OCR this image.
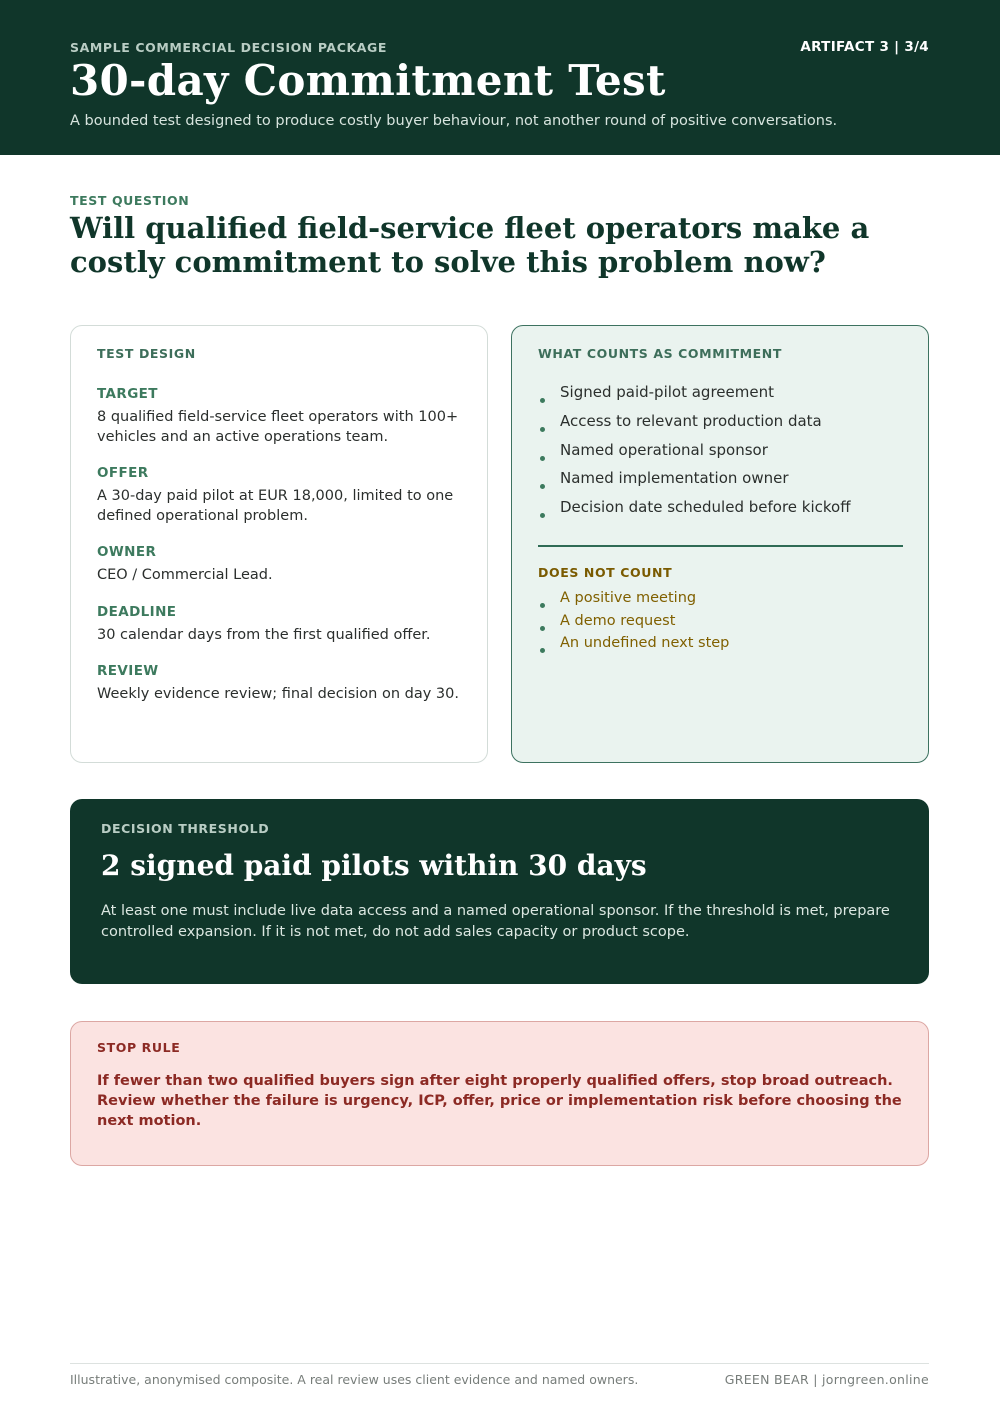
SAMPLE COMMERCIAL DECISION PACKAGE	ARTIFACT 3 | 3/4
30-day Commitment Test
A bounded test designed to produce costly buyer behaviour, not another round of positive conversations.
TEST QUESTION
Will qualified field-service fleet operators make a costly commitment to solve this problem now?
TEST DESIGN
TARGET
8 qualified field-service fleet operators with 100+ vehicles and an active operations team.
OFFER
A 30-day paid pilot at EUR 18,000, limited to one defined operational problem.
OWNER
CEO / Commercial Lead.
DEADLINE
30 calendar days from the first qualified offer.
REVIEW
Weekly evidence review; final decision on day 30.
WHAT COUNTS AS COMMITMENT
Signed paid-pilot agreement
Access to relevant production data
Named operational sponsor
Named implementation owner
Decision date scheduled before kickoff
DOES NOT COUNT
A positive meeting
A demo request
An undefined next step
DECISION THRESHOLD
2 signed paid pilots within 30 days

At least one must include live data access and a named operational sponsor. If the threshold is met, prepare controlled expansion. If it is not met, do not add sales capacity or product scope.

STOP RULE

If fewer than two qualified buyers sign after eight properly qualified offers, stop broad outreach. Review whether the failure is urgency, ICP, offer, price or implementation risk before choosing the next motion.

Illustrative, anonymised composite. A real review uses client evidence and named owners.	GREEN BEAR | jorngreen.online
